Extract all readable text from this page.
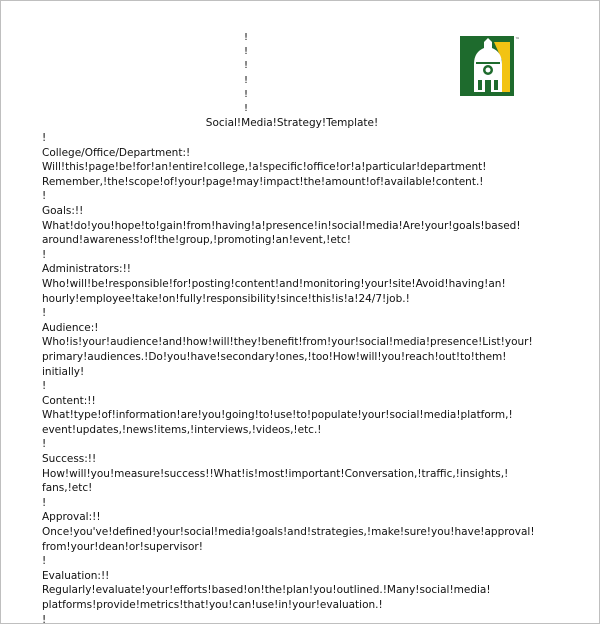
!
!
!
!
!
!
™
Social!Media!Strategy!Template!
!
College/Office/Department:!
Will!this!page!be!for!an!entire!college,!a!specific!office!or!a!particular!department!
Remember,!the!scope!of!your!page!may!impact!the!amount!of!available!content.!
!
Goals:!!
What!do!you!hope!to!gain!from!having!a!presence!in!social!media!Are!your!goals!based!
around!awareness!of!the!group,!promoting!an!event,!etc!
!
Administrators:!!
Who!will!be!responsible!for!posting!content!and!monitoring!your!site!Avoid!having!an!
hourly!employee!take!on!fully!responsibility!since!this!is!a!24/7!job.!
!
Audience:!
Who!is!your!audience!and!how!will!they!benefit!from!your!social!media!presence!List!your!
primary!audiences.!Do!you!have!secondary!ones,!too!How!will!you!reach!out!to!them!
initially!
!
Content:!!
What!type!of!information!are!you!going!to!use!to!populate!your!social!media!platform,!
event!updates,!news!items,!interviews,!videos,!etc.!
!
Success:!!
How!will!you!measure!success!!What!is!most!important!Conversation,!traffic,!insights,!
fans,!etc!
!
Approval:!!
Once!you've!defined!your!social!media!goals!and!strategies,!make!sure!you!have!approval!
from!your!dean!or!supervisor!
!
Evaluation:!!
Regularly!evaluate!your!efforts!based!on!the!plan!you!outlined.!Many!social!media!
platforms!provide!metrics!that!you!can!use!in!your!evaluation.!
!
